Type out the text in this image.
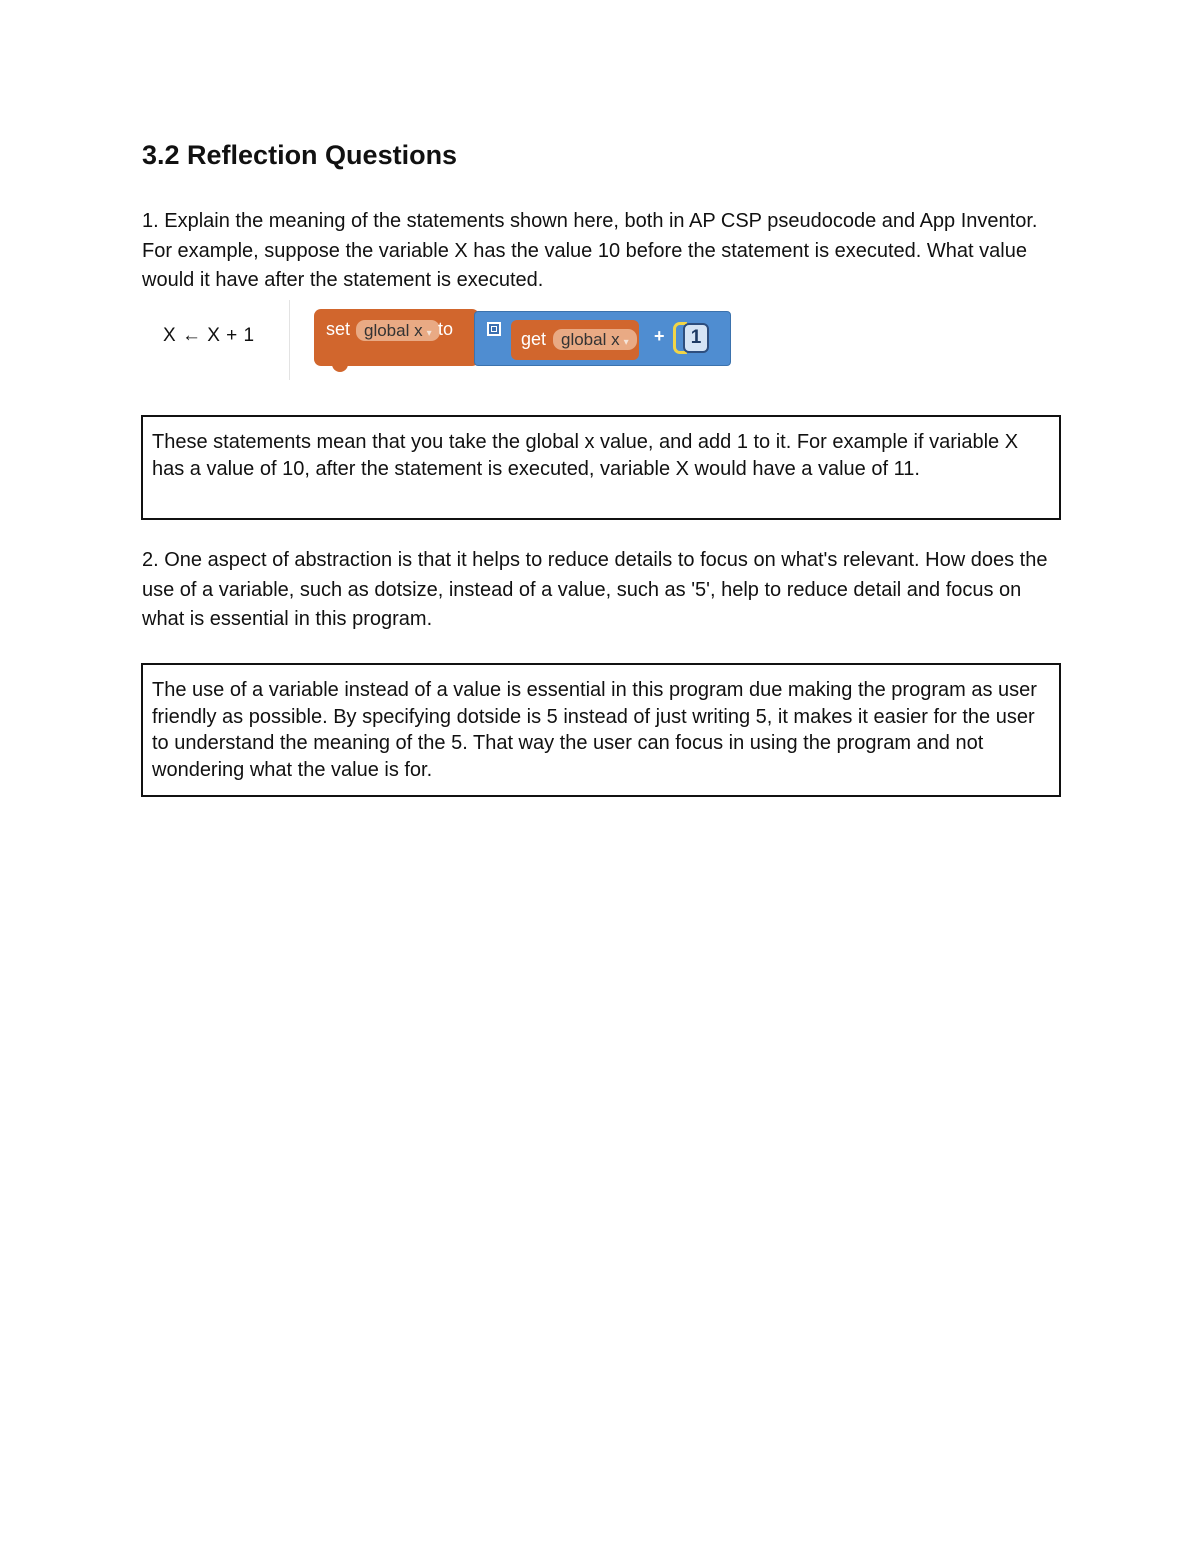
3.2 Reflection Questions

1. Explain the meaning of the statements shown here, both in AP CSP pseudocode and App Inventor. For example, suppose the variable X has the value 10 before the statement is executed. What value would it have after the statement is executed.

X ← X + 1	set global x ▾ to	get global x ▾	+	1
These statements mean that you take the global x value, and add 1 to it. For example if variable X has a value of 10, after the statement is executed, variable X would have a value of 11.

2. One aspect of abstraction is that it helps to reduce details to focus on what's relevant. How does the use of a variable, such as dotsize, instead of a value, such as '5', help to reduce detail and focus on what is essential in this program.

The use of a variable instead of a value is essential in this program due making the program as user friendly as possible. By specifying dotside is 5 instead of just writing 5, it makes it easier for the user to understand the meaning of the 5. That way the user can focus in using the program and not wondering what the value is for.
